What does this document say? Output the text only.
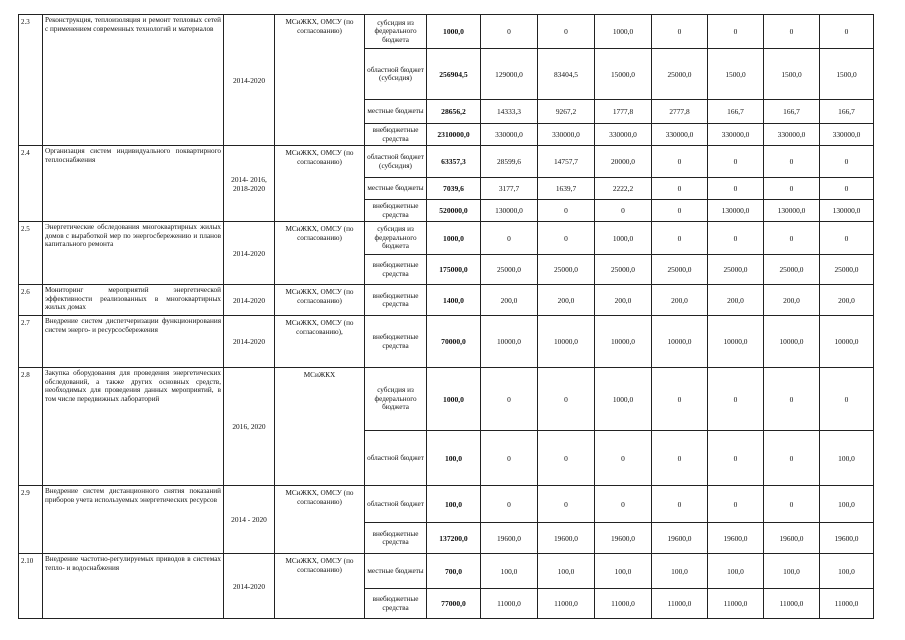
2.3	Реконструкция, теплоизоляция и ремонт тепловых сетей с применением современных технологий и материалов	2014-2020	МСиЖКХ, ОМСУ (по согласованию)	субсидия из федерального бюджета	1000,0	0	0	1000,0	0	0	0	0
				областной бюджет (субсидия)	256904,5	129000,0	83404,5	15000,0	25000,0	1500,0	1500,0	1500,0
				местные бюджеты	28656,2	14333,3	9267,2	1777,8	2777,8	166,7	166,7	166,7
				внебюджетные средства	2310000,0	330000,0	330000,0	330000,0	330000,0	330000,0	330000,0	330000,0
2.4	Организация систем индивидуального поквартирного теплоснабжения	2014- 2016, 2018-2020	МСиЖКХ, ОМСУ (по согласованию)	областной бюджет (субсидия)	63357,3	28599,6	14757,7	20000,0	0	0	0	0
				местные бюджеты	7039,6	3177,7	1639,7	2222,2	0	0	0	0
				внебюджетные средства	520000,0	130000,0	0	0	0	130000,0	130000,0	130000,0
2.5	Энергетические обследования многоквартирных жилых домов с выработкой мер по энергосбережению и планов капитального ремонта	2014-2020	МСиЖКХ, ОМСУ (по согласованию)	субсидия из федерального бюджета	1000,0	0	0	1000,0	0	0	0	0
				внебюджетные средства	175000,0	25000,0	25000,0	25000,0	25000,0	25000,0	25000,0	25000,0
2.6	Мониторинг мероприятий энергетической эффективности реализованных в многоквартирных жилых домах	2014-2020	МСиЖКХ, ОМСУ (по согласованию)	внебюджетные средства	1400,0	200,0	200,0	200,0	200,0	200,0	200,0	200,0
2.7	Внедрение систем диспетчеризации функционирования систем энерго- и ресурсосбережения	2014-2020	МСиЖКХ, ОМСУ (по согласованию),	внебюджетные средства	70000,0	10000,0	10000,0	10000,0	10000,0	10000,0	10000,0	10000,0
2.8	Закупка оборудования для проведения энергетических обследований, а также других основных средств, необходимых для проведения данных мероприятий, в том числе передвижных лабораторий	2016, 2020	МСиЖКХ	субсидия из федерального бюджета	1000,0	0	0	1000,0	0	0	0	0
				областной бюджет	100,0	0	0	0	0	0	0	100,0
2.9	Внедрение систем дистанционного снятия показаний приборов учета используемых энергетических ресурсов	2014 - 2020	МСиЖКХ, ОМСУ (по согласованию)	областной бюджет	100,0	0	0	0	0	0	0	100,0
				внебюджетные средства	137200,0	19600,0	19600,0	19600,0	19600,0	19600,0	19600,0	19600,0
2.10	Внедрение частотно-регулируемых приводов в системах тепло- и водоснабжения	2014-2020	МСиЖКХ, ОМСУ (по согласованию)	местные бюджеты	700,0	100,0	100,0	100,0	100,0	100,0	100,0	100,0
				внебюджетные средства	77000,0	11000,0	11000,0	11000,0	11000,0	11000,0	11000,0	11000,0
